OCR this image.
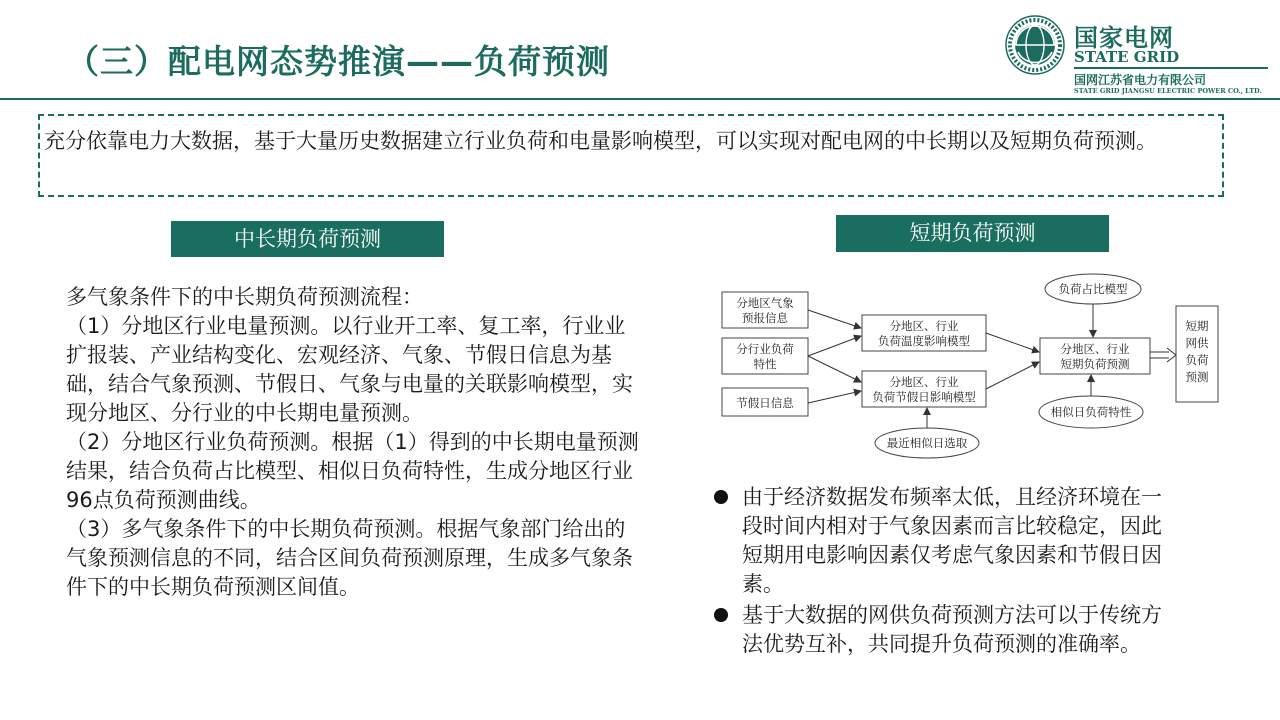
（三）配电网态势推演——负荷预测
国家电网
STATE GRID
国网江苏省电力有限公司
STATE GRID JIANGSU ELECTRIC POWER CO., LTD.
充分依靠电力大数据，基于大量历史数据建立行业负荷和电量影响模型，可以实现对配电网的中长期以及短期负荷预测。
中长期负荷预测

多气象条件下的中长期负荷预测流程：

（1）分地区行业电量预测。以行业开工率、复工率，行业业扩报装、产业结构变化、宏观经济、气象、节假日信息为基础，结合气象预测、节假日、气象与电量的关联影响模型，实现分地区、分行业的中长期电量预测。

（2）分地区行业负荷预测。根据（1）得到的中长期电量预测结果，结合负荷占比模型、相似日负荷特性，生成分地区行业96点负荷预测曲线。

（3）多气象条件下的中长期负荷预测。根据气象部门给出的气象预测信息的不同，结合区间负荷预测原理，生成多气象条件下的中长期负荷预测区间值。

短期负荷预测
分地区气象
预报信息
分行业负荷
特性
节假日信息
分地区、行业
负荷温度影响模型
分地区、行业
负荷节假日影响模型
最近相似日选取
负荷占比模型
分地区、行业
短期负荷预测
相似日负荷特性
短期
网供
负荷
预测
由于经济数据发布频率太低，且经济环境在一段时间内相对于气象因素而言比较稳定，因此短期用电影响因素仅考虑气象因素和节假日因素。
基于大数据的网供负荷预测方法可以于传统方法优势互补，共同提升负荷预测的准确率。
